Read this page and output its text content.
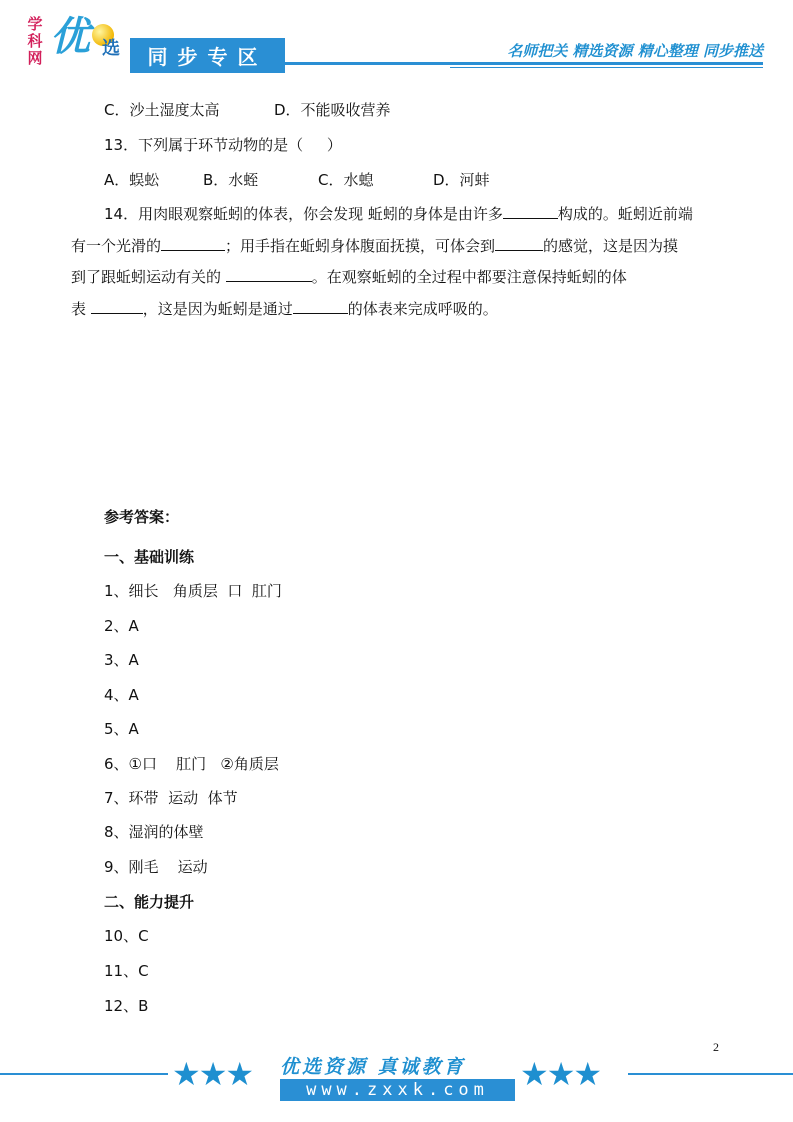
学科网 优 选	同步专区	名师把关 精选资源 精心整理 同步推送
C．沙土湿度太高	D．不能吸收营养
13．下列属于环节动物的是（     ）
A．蜈蚣	B．水蛭	C．水螅	D．河蚌
14．用肉眼观察蚯蚓的体表，你会发现 蚯蚓的身体是由许多	构成的。蚯蚓近前端
有一个光滑的	；用手指在蚯蚓身体腹面抚摸，可体会到	的感觉，这是因为摸
到了跟蚯蚓运动有关的	。在观察蚯蚓的全过程中都要注意保持蚯蚓的体
表	，这是因为蚯蚓是通过	的体表来完成呼吸的。
参考答案：
一、基础训练
1、细长   角质层  口  肛门
2、A
3、A
4、A
5、A
6、①口    肛门   ②角质层
7、环带  运动  体节
8、湿润的体壁
9、刚毛    运动
二、能力提升
10、C
11、C
12、B
2
★★★	★★★
优选资源 真诚教育
www.zxxk.com
